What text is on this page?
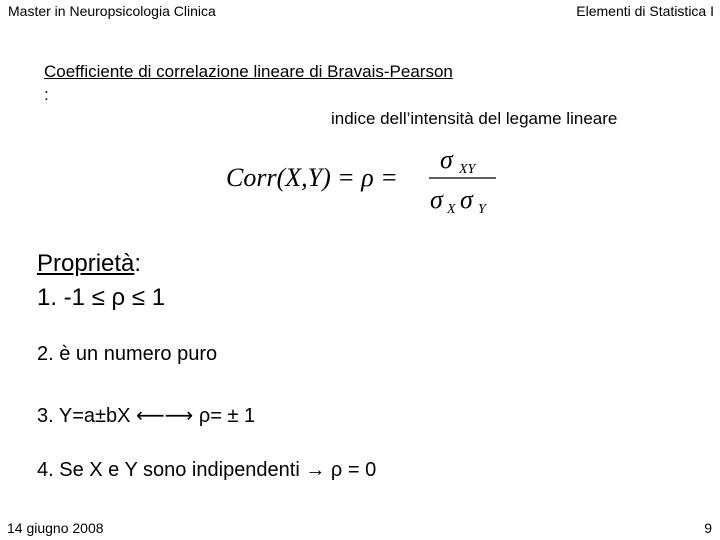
Master in Neuropsicologia Clinica	Elementi di Statistica I
Coefficiente di correlazione lineare di Bravais-Pearson
:
indice dell’intensità del legame lineare
Corr(X,Y) = ρ =
σ XY
σ X σ Y
Proprietà:
1. -1 ≤ ρ ≤ 1
2. è un numero puro
3. Y=a±bX ⟵⟶ ρ= ± 1
4. Se X e Y sono indipendenti → ρ = 0
14 giugno 2008	9
